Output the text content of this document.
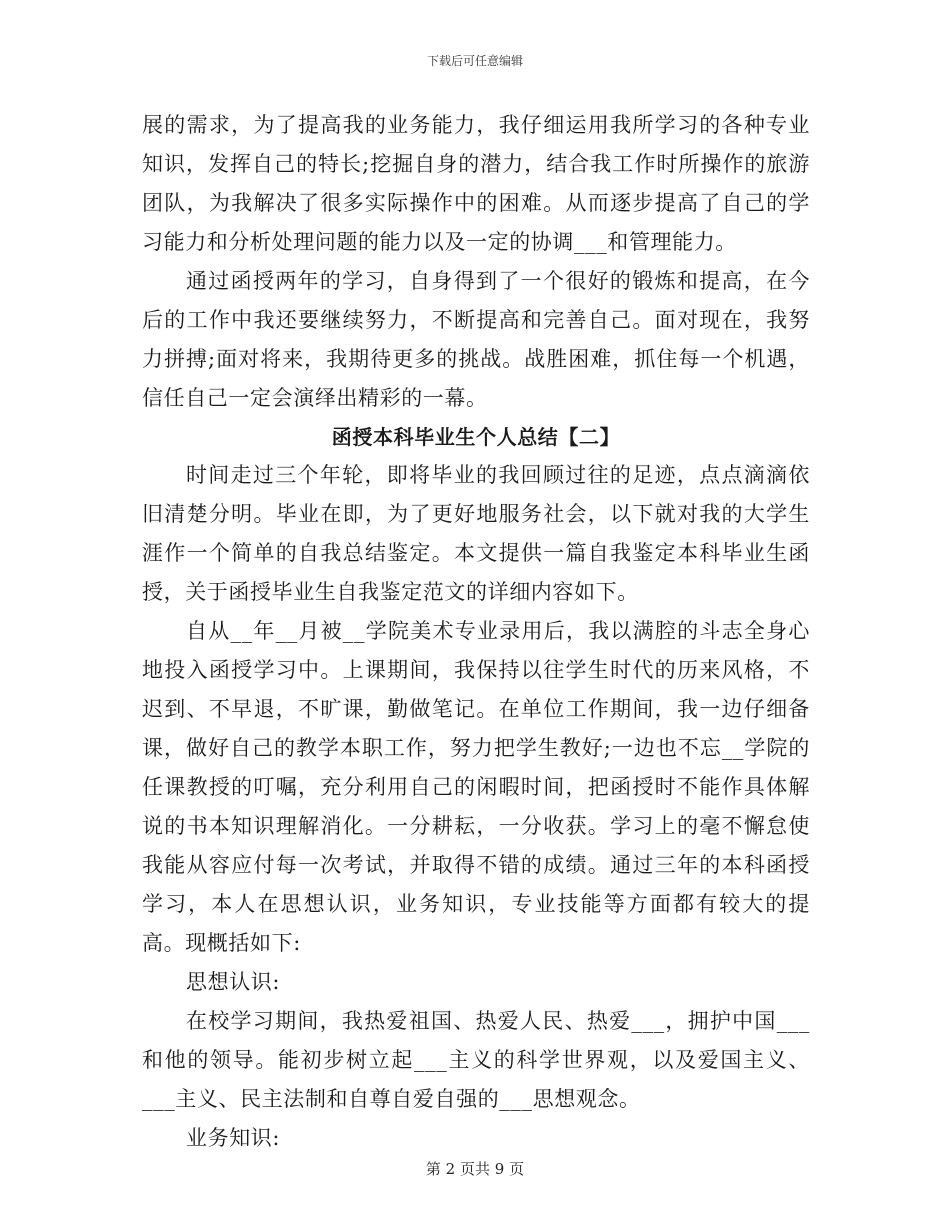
下载后可任意编辑

展的需求，为了提高我的业务能力，我仔细运用我所学习的各种专业知识，发挥自己的特长;挖掘自身的潜力，结合我工作时所操作的旅游团队，为我解决了很多实际操作中的困难。从而逐步提高了自己的学习能力和分析处理问题的能力以及一定的协调___和管理能力。

通过函授两年的学习，自身得到了一个很好的锻炼和提高，在今后的工作中我还要继续努力，不断提高和完善自己。面对现在，我努力拼搏;面对将来，我期待更多的挑战。战胜困难，抓住每一个机遇，信任自己一定会演绎出精彩的一幕。

函授本科毕业生个人总结【二】

时间走过三个年轮，即将毕业的我回顾过往的足迹，点点滴滴依旧清楚分明。毕业在即，为了更好地服务社会，以下就对我的大学生涯作一个简单的自我总结鉴定。本文提供一篇自我鉴定本科毕业生函授，关于函授毕业生自我鉴定范文的详细内容如下。

自从__年__月被__学院美术专业录用后，我以满腔的斗志全身心地投入函授学习中。上课期间，我保持以往学生时代的历来风格，不迟到、不早退，不旷课，勤做笔记。在单位工作期间，我一边仔细备课，做好自己的教学本职工作，努力把学生教好;一边也不忘__学院的任课教授的叮嘱，充分利用自己的闲暇时间，把函授时不能作具体解说的书本知识理解消化。一分耕耘，一分收获。学习上的毫不懈怠使我能从容应付每一次考试，并取得不错的成绩。通过三年的本科函授学习，本人在思想认识，业务知识，专业技能等方面都有较大的提高。现概括如下:

思想认识:

在校学习期间，我热爱祖国、热爱人民、热爱___，拥护中国___和他的领导。能初步树立起___主义的科学世界观，以及爱国主义、___主义、民主法制和自尊自爱自强的___思想观念。

业务知识:

第 2 页共 9 页
